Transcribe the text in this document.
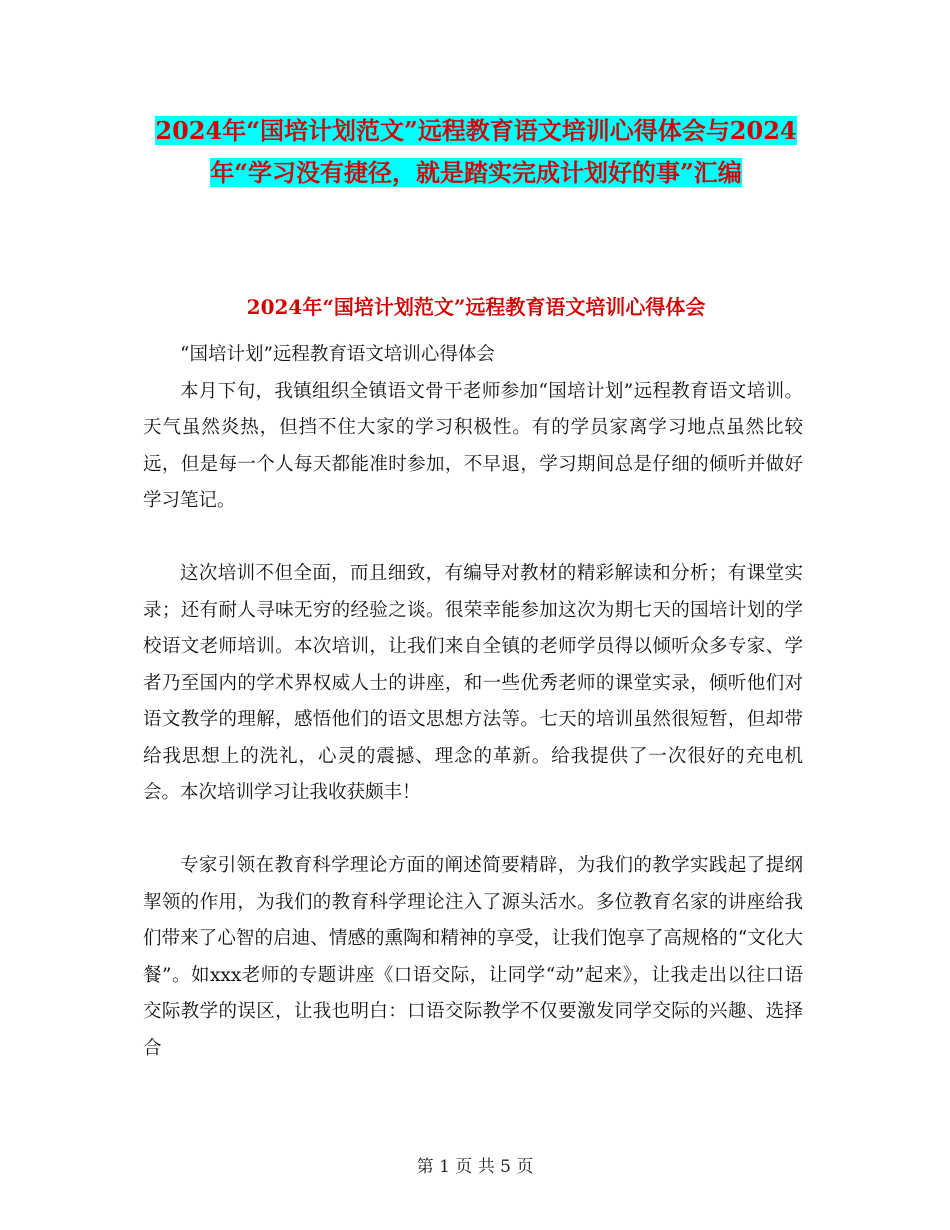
2024年“国培计划范文”远程教育语文培训心得体会与2024年“学习没有捷径，就是踏实完成计划好的事”汇编
2024年“国培计划范文”远程教育语文培训心得体会

“国培计划”远程教育语文培训心得体会

本月下旬，我镇组织全镇语文骨干老师参加“国培计划”远程教育语文培训。天气虽然炎热，但挡不住大家的学习积极性。有的学员家离学习地点虽然比较远，但是每一个人每天都能准时参加，不早退，学习期间总是仔细的倾听并做好学习笔记。

这次培训不但全面，而且细致，有编导对教材的精彩解读和分析；有课堂实录；还有耐人寻味无穷的经验之谈。很荣幸能参加这次为期七天的国培计划的学校语文老师培训。本次培训，让我们来自全镇的老师学员得以倾听众多专家、学者乃至国内的学术界权威人士的讲座，和一些优秀老师的课堂实录，倾听他们对语文教学的理解，感悟他们的语文思想方法等。七天的培训虽然很短暂，但却带给我思想上的洗礼，心灵的震撼、理念的革新。给我提供了一次很好的充电机会。本次培训学习让我收获颇丰！

专家引领在教育科学理论方面的阐述简要精辟，为我们的教学实践起了提纲挈领的作用，为我们的教育科学理论注入了源头活水。多位教育名家的讲座给我们带来了心智的启迪、情感的熏陶和精神的享受，让我们饱享了高规格的“文化大餐”。如xxx老师的专题讲座《口语交际，让同学“动”起来》，让我走出以往口语交际教学的误区，让我也明白：口语交际教学不仅要激发同学交际的兴趣、选择合

第 1 页 共 5 页
